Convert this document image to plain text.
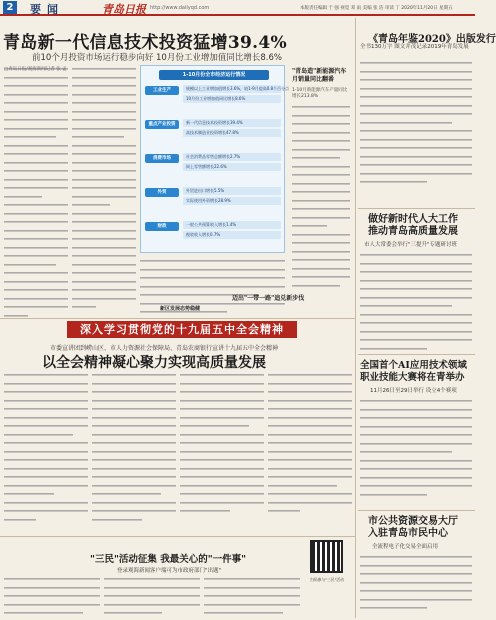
2	要闻	青岛日报 http://www.dailyqd.com	本版责任编辑 于 强 视觉 邓 雨 美编 张 洁 审读 丁 2020年11月20日 星期五
青岛新一代信息技术投资猛增39.4%
前10个月投资市场运行稳步向好 10月份工业增加值同比增长8.6%
□青岛日报/观海新闻记者 张 孟
1-10月份全市经济运行情况
工业生产	规模以上工业增加值增长3.6%，较1-9月提高0.8个百分点
10月份工业增加值同比增长8.6%
重点产业投资	新一代信息技术投资增长39.4%
高技术制造业投资增长47.8%
消费市场	社会消费品零售总额增长2.7%
网上零售额增长22.6%
外贸	外贸进出口增长5.5%
实际使用外资增长28.9%
财政	一般公共预算收入增长1.4%
税收收入增长0.7%
"青岛造"新能源汽车
月销量同比翻番
1-10月新能源汽车产量同比增长213.8%
迈出"一带一路"追兑新步伐
新区发展态势稳健
《青岛年鉴2020》出版发行
全书130万字 图文并茂记录2019年青岛发展
做好新时代人大工作
推动青岛高质量发展
市人大常委会举行"三提升"专题研讨班
全国首个AI应用技术领域
职业技能大赛将在青举办
11月26日至29日举行 设立4个赛项
市公共资源交易大厅
入驻青岛市民中心
全流程电子化交易全面启用
深入学习贯彻党的十九届五中全会精神
市委宣讲团到崂山区、市人力资源社会保障局、青岛农商银行宣讲十九届五中全会精神
以全会精神凝心聚力实现高质量发展
"三民"活动征集 我最关心的"一件事"
登录观海新闻客户端可为市政府部门"出题"
扫码参与"三民"活动
